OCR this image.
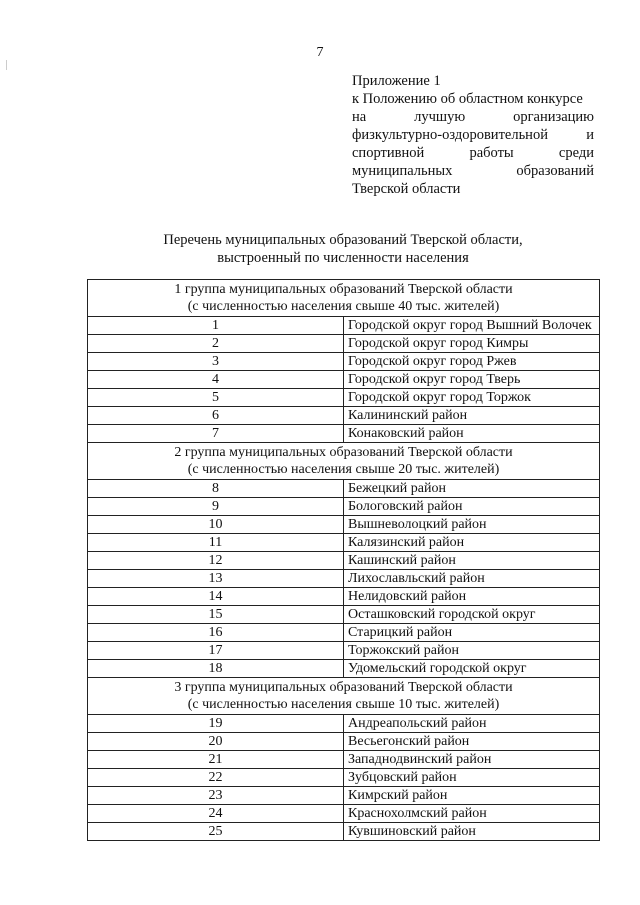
7
Приложение 1
к Положению об областном конкурсе
на	лучшую	организацию
физкультурно-оздоровительной	и
спортивной	работы	среди
муниципальных	образований
Тверской области
Перечень муниципальных образований Тверской области,
выстроенный по численности населения
1 группа муниципальных образований Тверской области
(с численностью населения свыше 40 тыс. жителей)	

1	Городской округ город Вышний Волочек
2	Городской округ город Кимры
3	Городской округ город Ржев
4	Городской округ город Тверь
5	Городской округ город Торжок
6	Калининский район
7	Конаковский район

2 группа муниципальных образований Тверской области
(с численностью населения свыше 20 тыс. жителей)	

8	Бежецкий район
9	Бологовский район
10	Вышневолоцкий район
11	Калязинский район
12	Кашинский район
13	Лихославльский район
14	Нелидовский район
15	Осташковский городской округ
16	Старицкий район
17	Торжокский район
18	Удомельский городской округ

3 группа муниципальных образований Тверской области
(с численностью населения свыше 10 тыс. жителей)	

19	Андреапольский район
20	Весьегонский район
21	Западнодвинский район
22	Зубцовский район
23	Кимрский район
24	Краснохолмский район
25	Кувшиновский район
